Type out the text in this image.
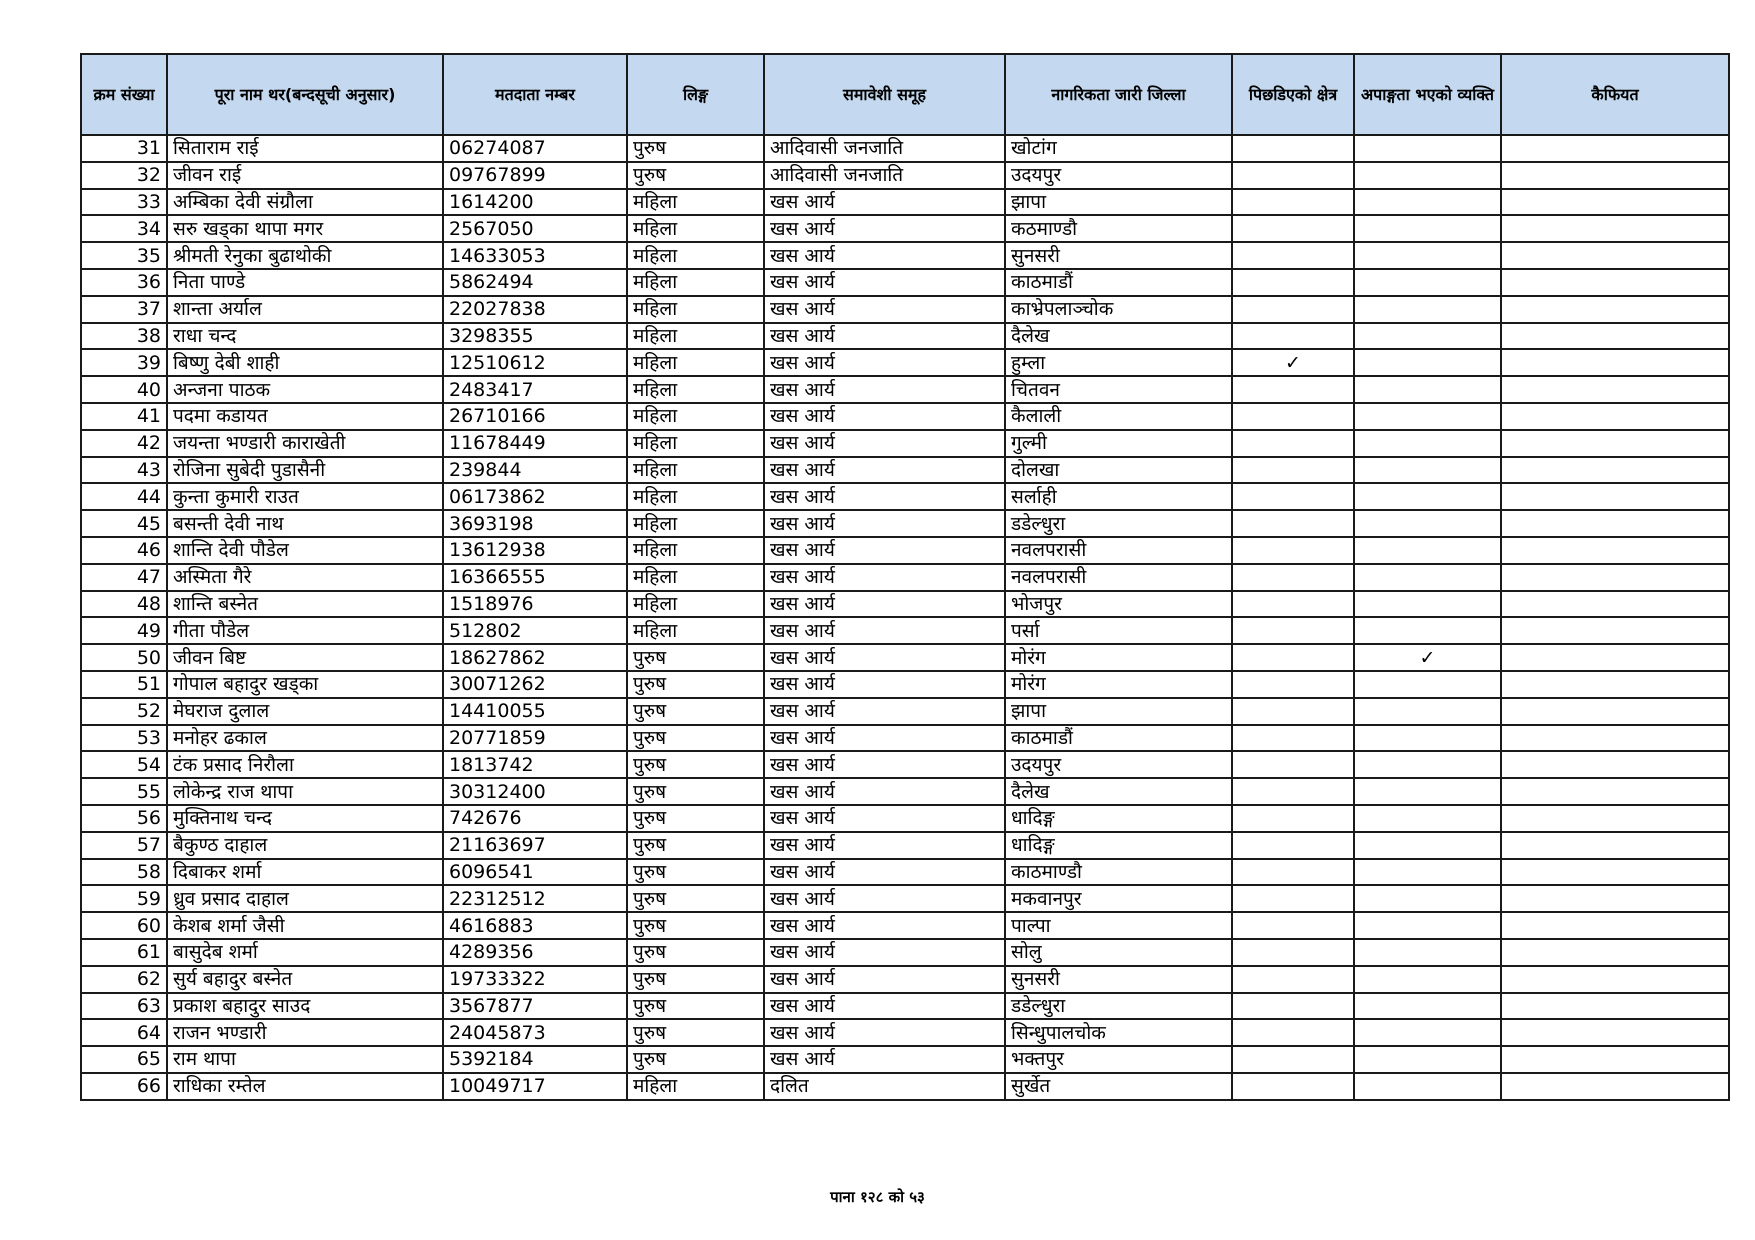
क्रम संख्या	पूरा नाम थर(बन्दसूची अनुसार)	मतदाता नम्बर	लिङ्ग	समावेशी समूह	नागरिकता जारी जिल्ला	पिछडिएको क्षेत्र	अपाङ्गता भएको व्यक्ति	कैफियत
31	सिताराम राई	06274087	पुरुष	आदिवासी जनजाति	खोटांग			
32	जीवन राई	09767899	पुरुष	आदिवासी जनजाति	उदयपुर			
33	अम्बिका देवी संग्रौला	1614200	महिला	खस आर्य	झापा			
34	सरु खड्का थापा मगर	2567050	महिला	खस आर्य	कठमाण्डौ			
35	श्रीमती रेनुका बुढाथोकी	14633053	महिला	खस आर्य	सुनसरी			
36	निता पाण्डे	5862494	महिला	खस आर्य	काठमाडौं			
37	शान्ता अर्याल	22027838	महिला	खस आर्य	काभ्रेपलाञ्चोक			
38	राधा चन्द	3298355	महिला	खस आर्य	दैलेख			
39	बिष्णु देबी शाही	12510612	महिला	खस आर्य	हुम्ला	✓		
40	अन्जना पाठक	2483417	महिला	खस आर्य	चितवन			
41	पदमा कडायत	26710166	महिला	खस आर्य	कैलाली			
42	जयन्ता भण्डारी काराखेती	11678449	महिला	खस आर्य	गुल्मी			
43	रोजिना सुबेदी पुडासैनी	239844	महिला	खस आर्य	दोलखा			
44	कुन्ता कुमारी राउत	06173862	महिला	खस आर्य	सर्लाही			
45	बसन्ती देवी नाथ	3693198	महिला	खस आर्य	डडेल्धुरा			
46	शान्ति देवी पौडेल	13612938	महिला	खस आर्य	नवलपरासी			
47	अस्मिता गैरे	16366555	महिला	खस आर्य	नवलपरासी			
48	शान्ति बस्नेत	1518976	महिला	खस आर्य	भोजपुर			
49	गीता पौडेल	512802	महिला	खस आर्य	पर्सा			
50	जीवन बिष्ट	18627862	पुरुष	खस आर्य	मोरंग		✓	
51	गोपाल बहादुर खड्का	30071262	पुरुष	खस आर्य	मोरंग			
52	मेघराज दुलाल	14410055	पुरुष	खस आर्य	झापा			
53	मनोहर ढकाल	20771859	पुरुष	खस आर्य	काठमाडौं			
54	टंक प्रसाद निरौला	1813742	पुरुष	खस आर्य	उदयपुर			
55	लोकेन्द्र राज थापा	30312400	पुरुष	खस आर्य	दैलेख			
56	मुक्तिनाथ चन्द	742676	पुरुष	खस आर्य	धादिङ्ग			
57	बैकुण्ठ दाहाल	21163697	पुरुष	खस आर्य	धादिङ्ग			
58	दिबाकर शर्मा	6096541	पुरुष	खस आर्य	काठमाण्डौ			
59	ध्रुव प्रसाद दाहाल	22312512	पुरुष	खस आर्य	मकवानपुर			
60	केशब शर्मा जैसी	4616883	पुरुष	खस आर्य	पाल्पा			
61	बासुदेब शर्मा	4289356	पुरुष	खस आर्य	सोलु			
62	सुर्य बहादुर बस्नेत	19733322	पुरुष	खस आर्य	सुनसरी			
63	प्रकाश बहादुर साउद	3567877	पुरुष	खस आर्य	डडेल्धुरा			
64	राजन भण्डारी	24045873	पुरुष	खस आर्य	सिन्धुपालचोक			
65	राम थापा	5392184	पुरुष	खस आर्य	भक्तपुर			
66	राधिका रम्तेल	10049717	महिला	दलित	सुर्खेत			
पाना १२८ को ५३
